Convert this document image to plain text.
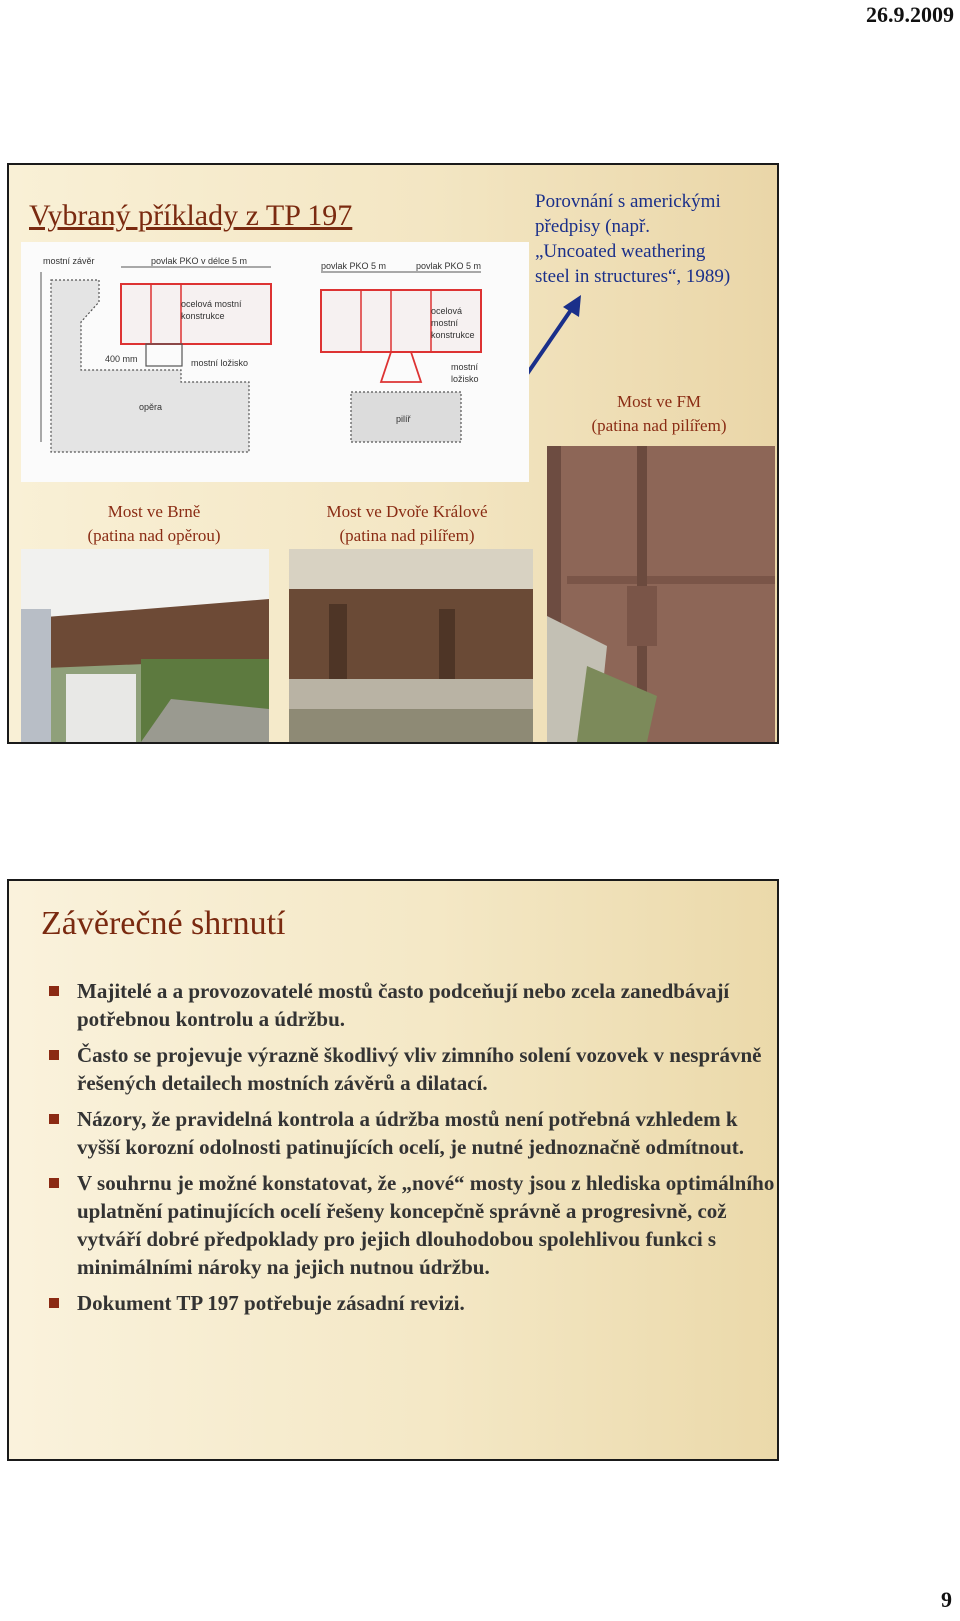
26.9.2009
Vybraný příklady z TP 197	Porovnání s americkými
předpisy (např.
„Uncoated weathering
steel in structures“, 1989)
mostní závěr	povlak PKO v délce 5 m	povlak PKO 5 m	povlak PKO 5 m
ocelová mostní
konstrukce	ocelová
mostní
konstrukce
400 mm	mostní ložisko	mostní
ložisko
opěra
pilíř
Most ve FM
(patina nad pilířem)
Most ve Brně
(patina nad opěrou)
Most ve Dvoře Králové
(patina nad pilířem)
Závěrečné shrnutí
Majitelé a a provozovatelé mostů často podceňují nebo zcela zanedbávají potřebnou kontrolu a údržbu.
Často se projevuje výrazně škodlivý vliv zimního solení vozovek v nesprávně řešených detailech mostních závěrů a dilatací.
Názory, že pravidelná kontrola a údržba mostů není potřebná vzhledem k vyšší korozní odolnosti patinujících ocelí, je nutné jednoznačně odmítnout.
V souhrnu je možné konstatovat, že „nové“ mosty jsou z hlediska optimálního uplatnění patinujících ocelí řešeny koncepčně správně a progresivně, což vytváří dobré předpoklady pro jejich dlouhodobou spolehlivou funkci s minimálními nároky na jejich nutnou údržbu.
Dokument TP 197 potřebuje zásadní revizi.
9
